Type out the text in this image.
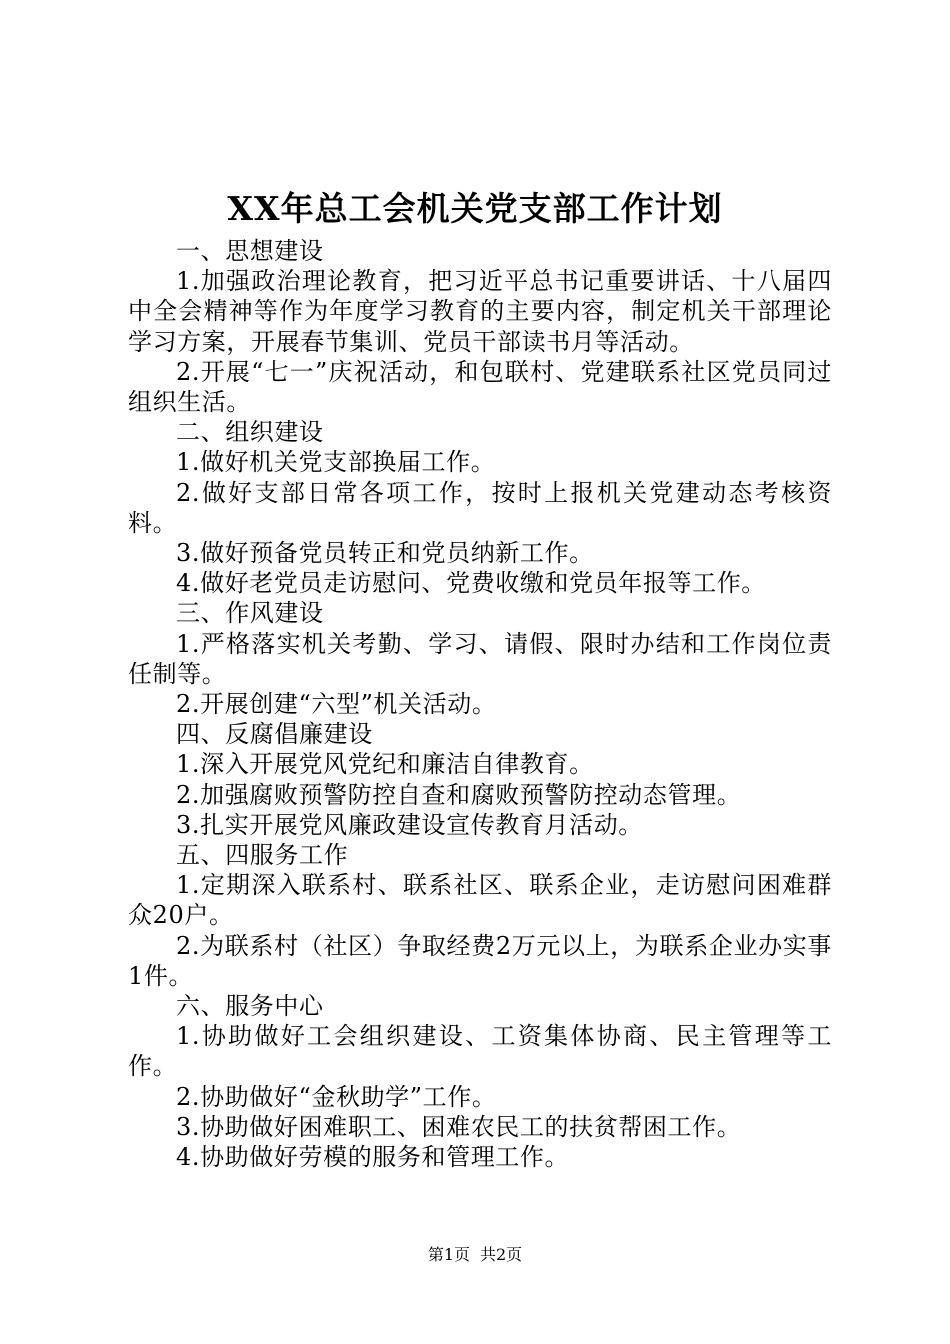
XX年总工会机关党支部工作计划

一、思想建设

1.加强政治理论教育，把习近平总书记重要讲话、十八届四中全会精神等作为年度学习教育的主要内容，制定机关干部理论学习方案，开展春节集训、党员干部读书月等活动。

2.开展“七一”庆祝活动，和包联村、党建联系社区党员同过组织生活。

二、组织建设

1.做好机关党支部换届工作。

2.做好支部日常各项工作，按时上报机关党建动态考核资料。

3.做好预备党员转正和党员纳新工作。

4.做好老党员走访慰问、党费收缴和党员年报等工作。

三、作风建设

1.严格落实机关考勤、学习、请假、限时办结和工作岗位责任制等。

2.开展创建“六型”机关活动。

四、反腐倡廉建设

1.深入开展党风党纪和廉洁自律教育。

2.加强腐败预警防控自查和腐败预警防控动态管理。

3.扎实开展党风廉政建设宣传教育月活动。

五、四服务工作

1.定期深入联系村、联系社区、联系企业，走访慰问困难群众20户。

2.为联系村（社区）争取经费2万元以上，为联系企业办实事1件。

六、服务中心

1.协助做好工会组织建设、工资集体协商、民主管理等工作。

2.协助做好“金秋助学”工作。

3.协助做好困难职工、困难农民工的扶贫帮困工作。

4.协助做好劳模的服务和管理工作。

第1页 共2页
